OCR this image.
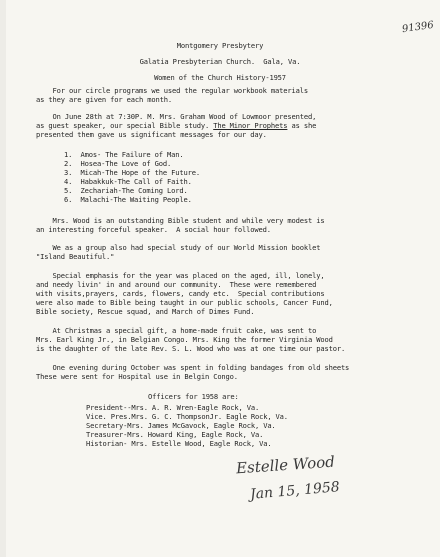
91396
Montgomery Presbytery
Galatia Presbyterian Church.  Gala, Va.
Women of the Church History-1957
For our circle programs we used the regular workbook materials
as they are given for each month.
On June 28th at 7:30P. M. Mrs. Graham Wood of Lowmoor presented,
as guest speaker, our special Bible study. The Minor Prophets as she
presented them gave us significant messages for our day.
1.  Amos- The Failure of Man.
2.  Hosea-The Love of God.
3.  Micah-The Hope of the Future.
4.  Habakkuk-The Call of Faith.
5.  Zechariah-The Coming Lord.
6.  Malachi-The Waiting People.
Mrs. Wood is an outstanding Bible student and while very modest is
an interesting forceful speaker.  A social hour followed.
We as a group also had special study of our World Mission booklet
"Island Beautiful."
Special emphasis for the year was placed on the aged, ill, lonely,
and needy livin' in and around our community.  These were remembered
with visits,prayers, cards, flowers, candy etc.  Special contributions
were also made to Bible being taught in our public schools, Cancer Fund,
Bible society, Rescue squad, and March of Dimes Fund.
At Christmas a special gift, a home-made fruit cake, was sent to
Mrs. Earl King Jr., in Belgian Congo. Mrs. King the former Virginia Wood
is the daughter of the late Rev. S. L. Wood who was at one time our pastor.
One evening during October was spent in folding bandages from old sheets
These were sent for Hospital use in Belgin Congo.
Officers for 1958 are:
President--Mrs. A. R. Wren-Eagle Rock, Va.
Vice. Pres.Mrs. G. C. ThompsonJr. Eagle Rock, Va.
Secretary-Mrs. James McGavock, Eagle Rock, Va.
Treasurer-Mrs. Howard King, Eagle Rock, Va.
Historian- Mrs. Estelle Wood, Eagle Rock, Va.
Estelle Wood
Jan 15, 1958
